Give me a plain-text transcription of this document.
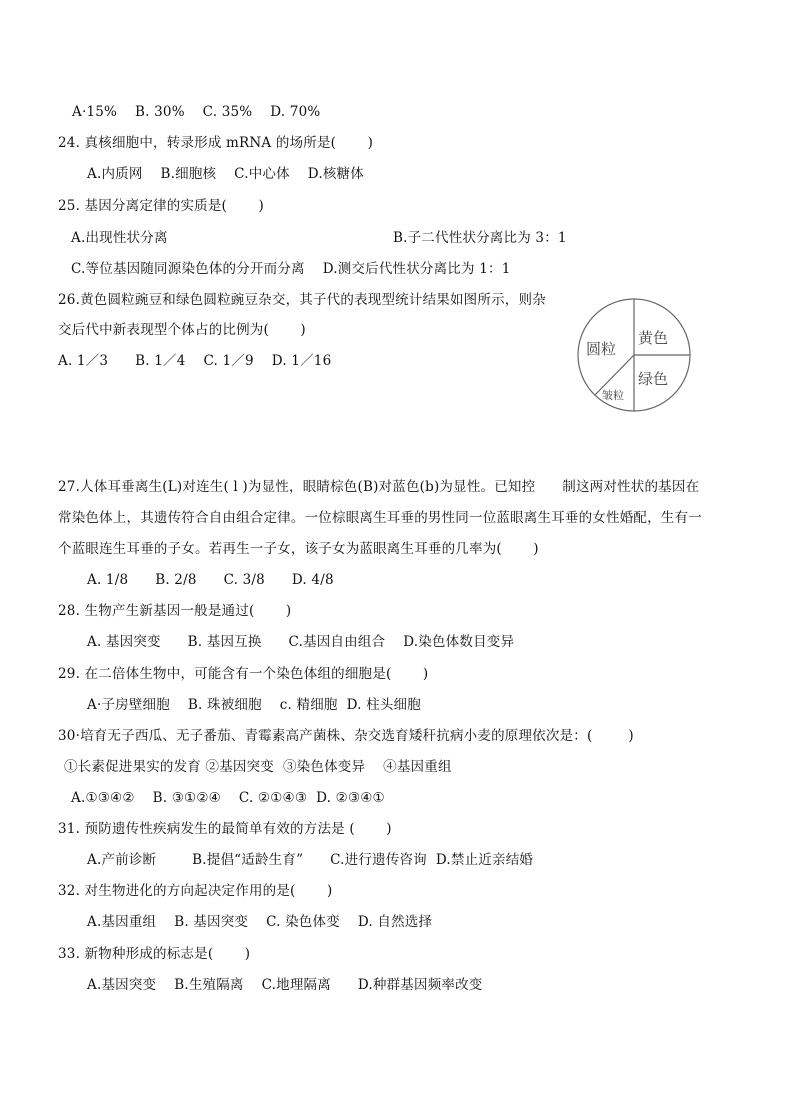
A·15%    B. 30%    C. 35%    D. 70%
24. 真核细胞中，转录形成 mRNA 的场所是(       )
A.内质网    B.细胞核    C.中心体    D.核糖体
25. 基因分离定律的实质是(       )
A.出现性状分离	B.子二代性状分离比为 3：1
C.等位基因随同源染色体的分开而分离    D.测交后代性状分离比为 1：1
26.黄色圆粒豌豆和绿色圆粒豌豆杂交，其子代的表现型统计结果如图所示，则杂
交后代中新表现型个体占的比例为(       )
A. 1／3      B. 1／4    C. 1／9    D. 1／16
圆粒
黄色
绿色
皱粒
27.人体耳垂离生(L)对连生( l )为显性，眼睛棕色(B)对蓝色(b)为显性。已知控      制这两对性状的基因在
常染色体上，其遗传符合自由组合定律。一位棕眼离生耳垂的男性同一位蓝眼离生耳垂的女性婚配，生有一
个蓝眼连生耳垂的子女。若再生一子女，该子女为蓝眼离生耳垂的几率为(       )
A. 1/8      B. 2/8      C. 3/8      D. 4/8
28. 生物产生新基因一般是通过(       )
A. 基因突变      B. 基因互换      C.基因自由组合    D.染色体数目变异
29. 在二倍体生物中，可能含有一个染色体组的细胞是(       )
A·子房壁细胞    B. 珠被细胞    c. 精细胞  D. 柱头细胞
30·培育无子西瓜、无子番茄、青霉素高产菌株、杂交选育矮秆抗病小麦的原理依次是：(        )
①长素促进果实的发育 ②基因突变  ③染色体变异    ④基因重组
A.①③④②    B. ③①②④    C. ②①④③  D. ②③④①
31. 预防遗传性疾病发生的最简单有效的方法是 (       )
A.产前诊断        B.提倡“适龄生育”      C.进行遗传咨询  D.禁止近亲结婚
32. 对生物进化的方向起决定作用的是(       )
A.基因重组    B. 基因突变    C. 染色体变    D. 自然选择
33. 新物种形成的标志是(       )
A.基因突变    B.生殖隔离    C.地理隔离      D.种群基因频率改变
